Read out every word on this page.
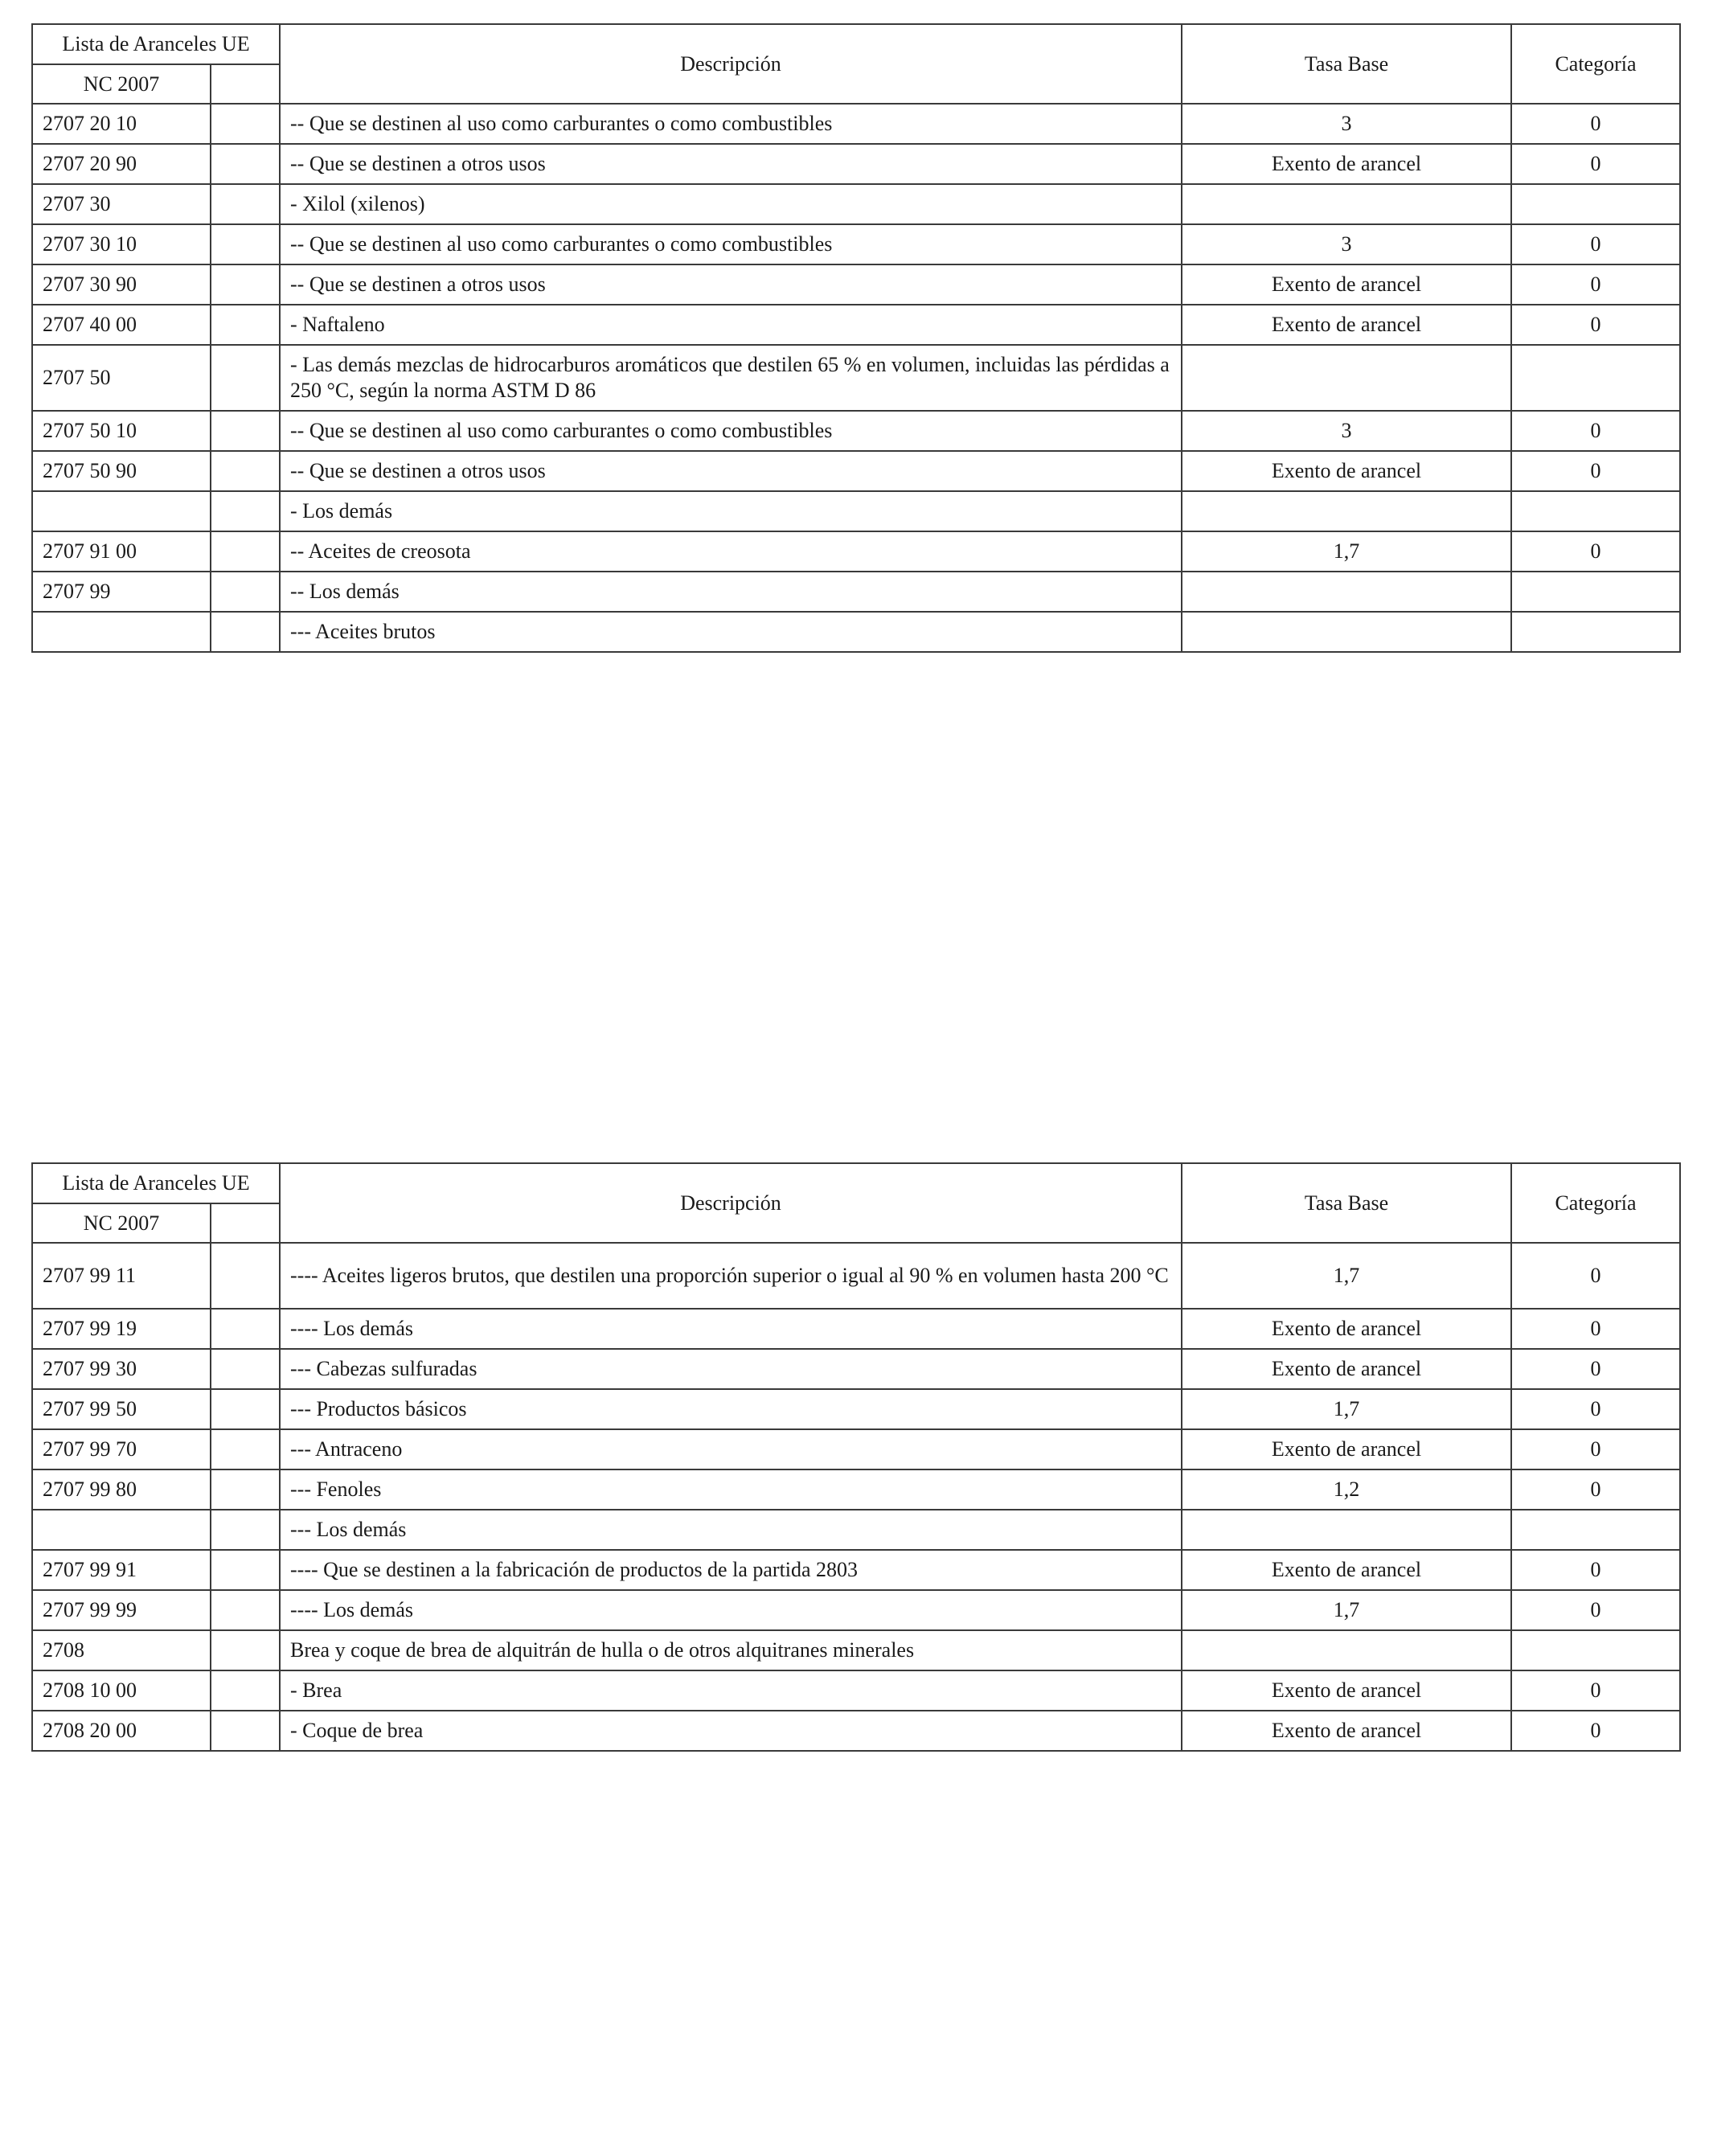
Lista de Aranceles UE		Descripción	Tasa Base	Categoría
NC 2007				
2707 20 10		-- Que se destinen al uso como carburantes o como combustibles	3	0
2707 20 90		-- Que se destinen a otros usos	Exento de arancel	0
2707 30		- Xilol (xilenos)		
2707 30 10		-- Que se destinen al uso como carburantes o como combustibles	3	0
2707 30 90		-- Que se destinen a otros usos	Exento de arancel	0
2707 40 00		- Naftaleno	Exento de arancel	0
2707 50		- Las demás mezclas de hidrocarburos aromáticos que destilen 65 % en volumen, incluidas las pérdidas a 250 °C, según la norma ASTM D 86		
2707 50 10		-- Que se destinen al uso como carburantes o como combustibles	3	0
2707 50 90		-- Que se destinen a otros usos	Exento de arancel	0
		- Los demás		
2707 91 00		-- Aceites de creosota	1,7	0
2707 99		-- Los demás		
		--- Aceites brutos		
Lista de Aranceles UE		Descripción	Tasa Base	Categoría
NC 2007				
2707 99 11		---- Aceites ligeros brutos, que destilen una proporción superior o igual al 90 % en volumen hasta 200 °C	1,7	0
2707 99 19		---- Los demás	Exento de arancel	0
2707 99 30		--- Cabezas sulfuradas	Exento de arancel	0
2707 99 50		--- Productos básicos	1,7	0
2707 99 70		--- Antraceno	Exento de arancel	0
2707 99 80		--- Fenoles	1,2	0
		--- Los demás		
2707 99 91		---- Que se destinen a la fabricación de productos de la partida 2803	Exento de arancel	0
2707 99 99		---- Los demás	1,7	0
2708		Brea y coque de brea de alquitrán de hulla o de otros alquitranes minerales		
2708 10 00		- Brea	Exento de arancel	0
2708 20 00		- Coque de brea	Exento de arancel	0
